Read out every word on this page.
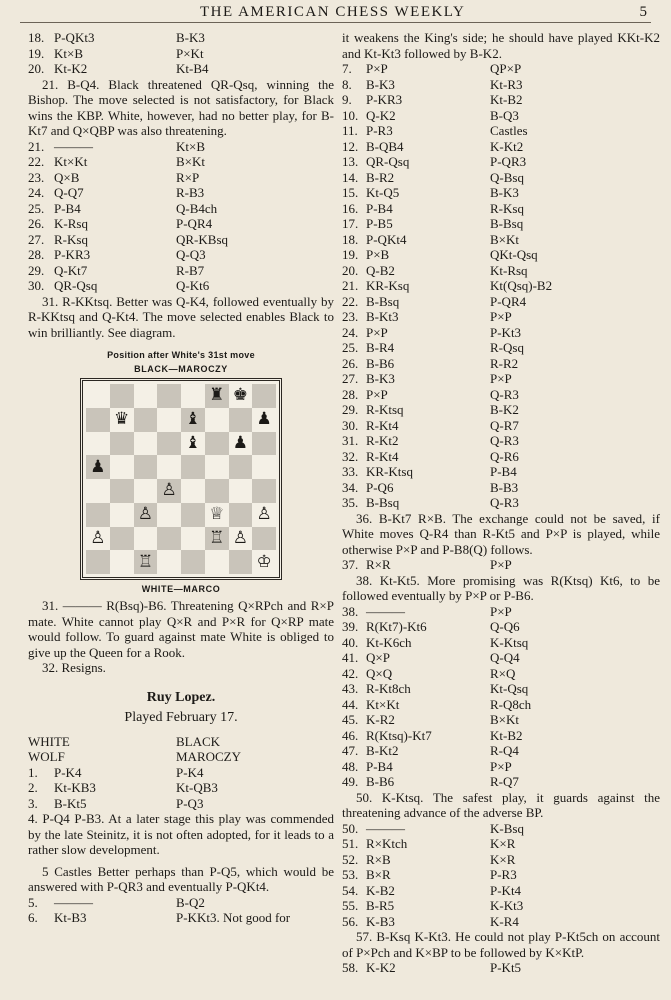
THE AMERICAN CHESS WEEKLY	5
18. P-QKt3	B-K3
19. Kt×B	P×Kt
20. Kt-K2	Kt-B4
21. B-Q4. Black threatened QR-Qsq, winning the Bishop. The move selected is not satisfactory, for Black wins the KBP. White, however, had no better play, for B-Kt7 and Q×QBP was also threatening.
21. ———	Kt×B
22. Kt×Kt	B×Kt
23. Q×B	R×P
24. Q-Q7	R-B3
25. P-B4	Q-B4ch
26. K-Rsq	P-QR4
27. R-Ksq	QR-KBsq
28. P-KR3	Q-Q3
29. Q-Kt7	R-B7
30. QR-Qsq	Q-Kt6
31. R-KKtsq. Better was Q-K4, followed eventually by R-KKtsq and Q-Kt4. The move selected enables Black to win brilliantly. See diagram.
Position after White's 31st move
BLACK—MAROCZY
♜ ♚
♛	♝	♟
♝ ♟
♟
♙
♙	♕ ♙
♙	♖ ♙
♖	♔
WHITE—MARCO
31. ——— R(Bsq)-B6. Threatening Q×RPch and R×P mate. White cannot play Q×R and P×R for Q×RP mate would follow. To guard against mate White is obliged to give up the Queen for a Rook.
32. Resigns.
Ruy Lopez.
Played February 17.
WHITE	BLACK
WOLF	MAROCZY
1.	P-K4	P-K4
2.	Kt-KB3	Kt-QB3
3.	B-Kt5	P-Q3
4. P-Q4 P-B3. At a later stage this play was commended by the late Steinitz, it is not often adopted, for it leads to a rather slow development.
5 Castles Better perhaps than P-Q5, which would be answered with P-QR3 and eventually P-QKt4.
5.	———	B-Q2
6.	Kt-B3	P-KKt3. Not good for
it weakens the King's side; he should have played KKt-K2 and Kt-Kt3 followed by B-K2.
7.	P×P	QP×P
8.	B-K3	Kt-R3
9.	P-KR3	Kt-B2
10. Q-K2	B-Q3
11. P-R3	Castles
12. B-QB4	K-Kt2
13. QR-Qsq	P-QR3
14. B-R2	Q-Bsq
15. Kt-Q5	B-K3
16. P-B4	R-Ksq
17. P-B5	B-Bsq
18. P-QKt4	B×Kt
19. P×B	QKt-Qsq
20. Q-B2	Kt-Rsq
21. KR-Ksq	Kt(Qsq)-B2
22. B-Bsq	P-QR4
23. B-Kt3	P×P
24. P×P	P-Kt3
25. B-R4	R-Qsq
26. B-B6	R-R2
27. B-K3	P×P
28. P×P	Q-R3
29. R-Ktsq	B-K2
30. R-Kt4	Q-R7
31. R-Kt2	Q-R3
32. R-Kt4	Q-R6
33. KR-Ktsq	P-B4
34. P-Q6	B-B3
35. B-Bsq	Q-R3
36. B-Kt7 R×B. The exchange could not be saved, if White moves Q-R4 than R-Kt5 and P×P is played, while otherwise P×P and P-B8(Q) follows.
37. R×R	P×P
38. Kt-Kt5. More promising was R(Ktsq) Kt6, to be followed eventually by P×P or P-B6.
38. ———	P×P
39. R(Kt7)-Kt6	Q-Q6
40. Kt-K6ch	K-Ktsq
41. Q×P	Q-Q4
42. Q×Q	R×Q
43. R-Kt8ch	Kt-Qsq
44. Kt×Kt	R-Q8ch
45. K-R2	B×Kt
46. R(Ktsq)-Kt7	Kt-B2
47. B-Kt2	R-Q4
48. P-B4	P×P
49. B-B6	R-Q7
50. K-Ktsq. The safest play, it guards against the threatening advance of the adverse BP.
50. ———	K-Bsq
51. R×Ktch	K×R
52. R×B	K×R
53. B×R	P-R3
54. K-B2	P-Kt4
55. B-R5	K-Kt3
56. K-B3	K-R4
57. B-Ksq K-Kt3. He could not play P-Kt5ch on account of P×Pch and K×BP to be followed by K×KtP.
58. K-K2	P-Kt5
